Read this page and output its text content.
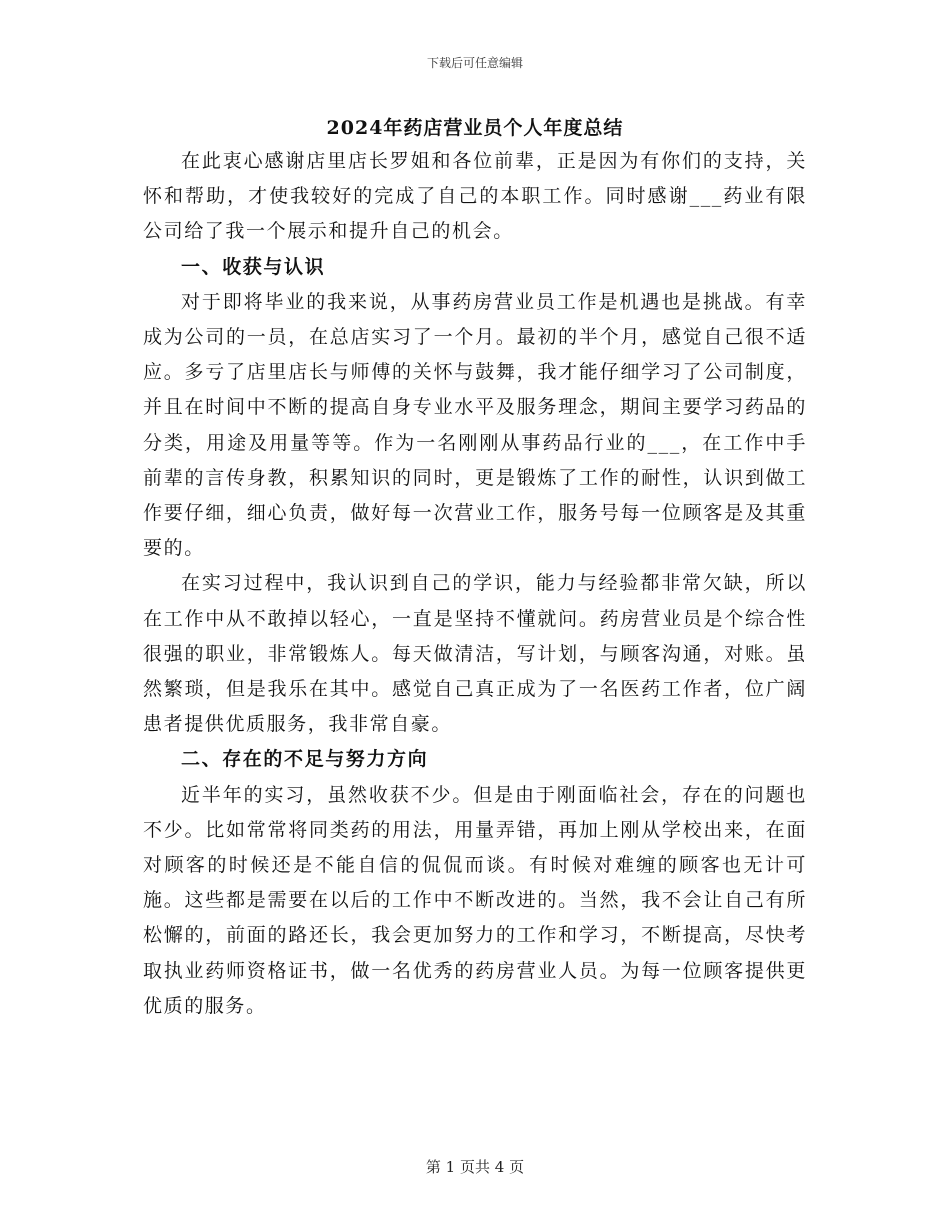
下载后可任意编辑
2024年药店营业员个人年度总结

在此衷心感谢店里店长罗姐和各位前辈，正是因为有你们的支持，关怀和帮助，才使我较好的完成了自己的本职工作。同时感谢___药业有限公司给了我一个展示和提升自己的机会。

一、收获与认识

对于即将毕业的我来说，从事药房营业员工作是机遇也是挑战。有幸成为公司的一员，在总店实习了一个月。最初的半个月，感觉自己很不适应。多亏了店里店长与师傅的关怀与鼓舞，我才能仔细学习了公司制度，并且在时间中不断的提高自身专业水平及服务理念，期间主要学习药品的分类，用途及用量等等。作为一名刚刚从事药品行业的___，在工作中手前辈的言传身教，积累知识的同时，更是锻炼了工作的耐性，认识到做工作要仔细，细心负责，做好每一次营业工作，服务号每一位顾客是及其重要的。

在实习过程中，我认识到自己的学识，能力与经验都非常欠缺，所以在工作中从不敢掉以轻心，一直是坚持不懂就问。药房营业员是个综合性很强的职业，非常锻炼人。每天做清洁，写计划，与顾客沟通，对账。虽然繁琐，但是我乐在其中。感觉自己真正成为了一名医药工作者，位广阔患者提供优质服务，我非常自豪。

二、存在的不足与努力方向

近半年的实习，虽然收获不少。但是由于刚面临社会，存在的问题也不少。比如常常将同类药的用法，用量弄错，再加上刚从学校出来，在面对顾客的时候还是不能自信的侃侃而谈。有时候对难缠的顾客也无计可施。这些都是需要在以后的工作中不断改进的。当然，我不会让自己有所松懈的，前面的路还长，我会更加努力的工作和学习，不断提高，尽快考取执业药师资格证书，做一名优秀的药房营业人员。为每一位顾客提供更优质的服务。

第 1 页共 4 页
